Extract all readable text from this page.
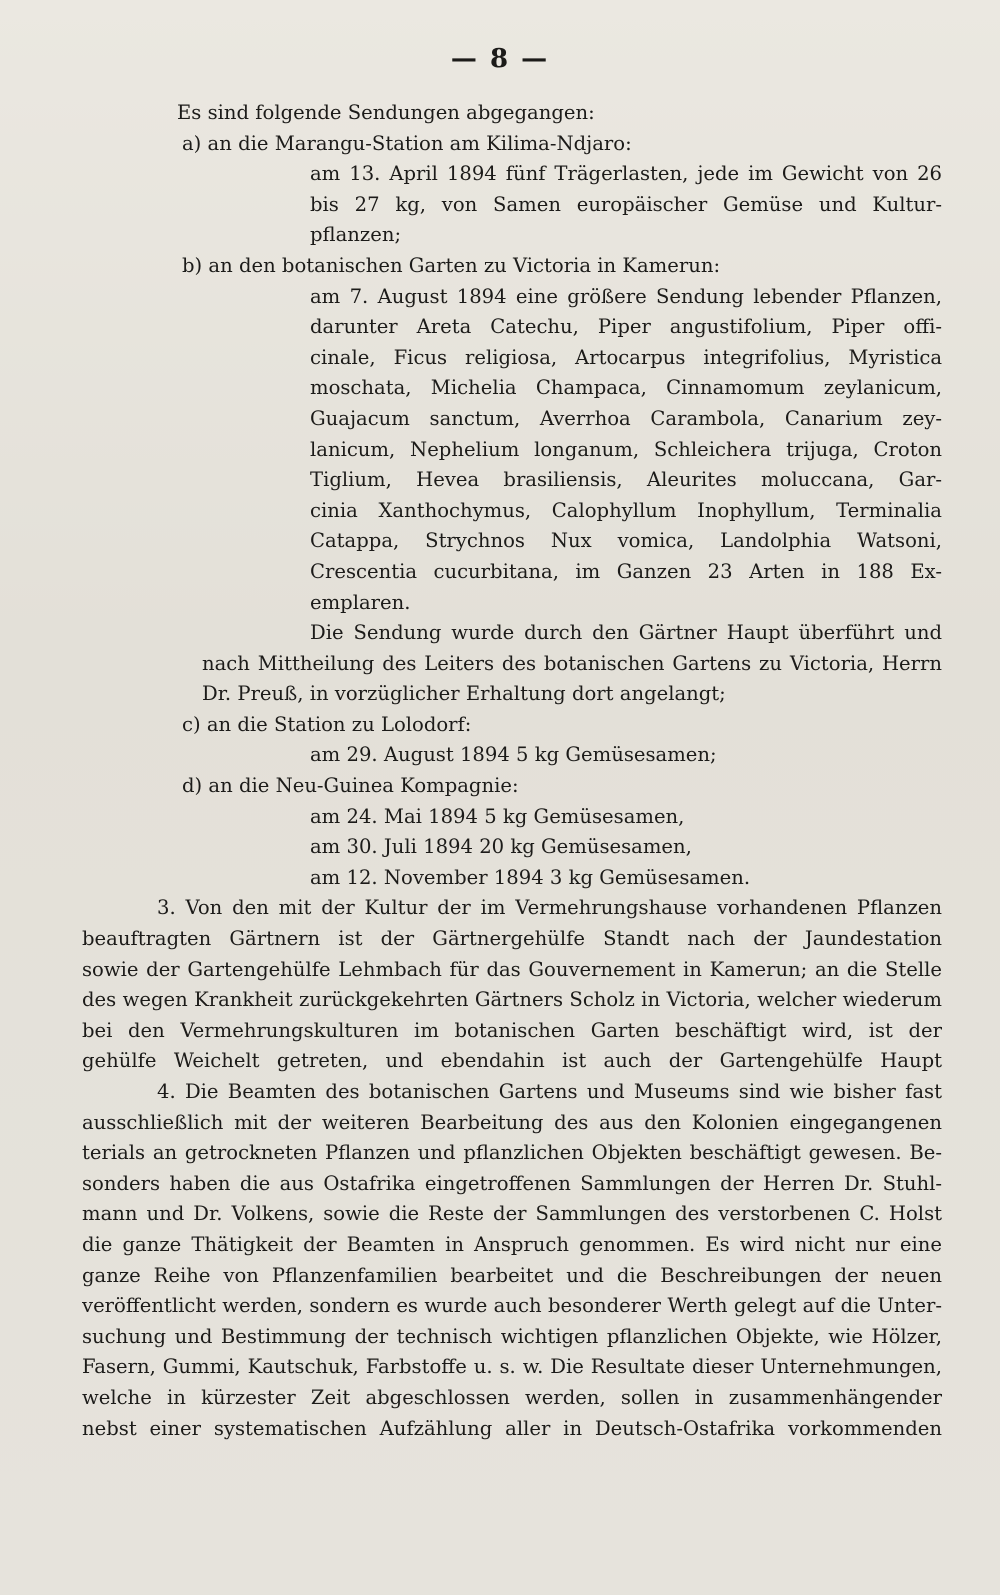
— 8 —
Es sind folgende Sendungen abgegangen:
a) an die Marangu-Station am Kilima-Ndjaro:
am 13. April 1894 fünf Trägerlasten, jede im Gewicht von 26
bis 27 kg, von Samen europäischer Gemüse und Kultur-
pflanzen;
b) an den botanischen Garten zu Victoria in Kamerun:
am 7. August 1894 eine größere Sendung lebender Pflanzen,
darunter Areta Catechu, Piper angustifolium, Piper offi-
cinale, Ficus religiosa, Artocarpus integrifolius, Myristica
moschata, Michelia Champaca, Cinnamomum zeylanicum,
Guajacum sanctum, Averrhoa Carambola, Canarium zey-
lanicum, Nephelium longanum, Schleichera trijuga, Croton
Tiglium, Hevea brasiliensis, Aleurites moluccana, Gar-
cinia Xanthochymus, Calophyllum Inophyllum, Terminalia
Catappa, Strychnos Nux vomica, Landolphia Watsoni,
Crescentia cucurbitana, im Ganzen 23 Arten in 188 Ex-
emplaren.
Die Sendung wurde durch den Gärtner Haupt überführt und
nach Mittheilung des Leiters des botanischen Gartens zu Victoria, Herrn
Dr. Preuß, in vorzüglicher Erhaltung dort angelangt;
c) an die Station zu Lolodorf:
am 29. August 1894 5 kg Gemüsesamen;
d) an die Neu-Guinea Kompagnie:
am 24. Mai 1894 5 kg Gemüsesamen,
am 30. Juli 1894 20 kg Gemüsesamen,
am 12. November 1894 3 kg Gemüsesamen.
3. Von den mit der Kultur der im Vermehrungshause vorhandenen Pflanzen
beauftragten Gärtnern ist der Gärtnergehülfe Standt nach der Jaundestation
sowie der Gartengehülfe Lehmbach für das Gouvernement in Kamerun; an die Stelle
des wegen Krankheit zurückgekehrten Gärtners Scholz in Victoria, welcher wiederum
bei den Vermehrungskulturen im botanischen Garten beschäftigt wird, ist der
gehülfe Weichelt getreten, und ebendahin ist auch der Gartengehülfe Haupt
4. Die Beamten des botanischen Gartens und Museums sind wie bisher fast
ausschließlich mit der weiteren Bearbeitung des aus den Kolonien eingegangenen
terials an getrockneten Pflanzen und pflanzlichen Objekten beschäftigt gewesen. Be-
sonders haben die aus Ostafrika eingetroffenen Sammlungen der Herren Dr. Stuhl-
mann und Dr. Volkens, sowie die Reste der Sammlungen des verstorbenen C. Holst
die ganze Thätigkeit der Beamten in Anspruch genommen. Es wird nicht nur eine
ganze Reihe von Pflanzenfamilien bearbeitet und die Beschreibungen der neuen
veröffentlicht werden, sondern es wurde auch besonderer Werth gelegt auf die Unter-
suchung und Bestimmung der technisch wichtigen pflanzlichen Objekte, wie Hölzer,
Fasern, Gummi, Kautschuk, Farbstoffe u. s. w. Die Resultate dieser Unternehmungen,
welche in kürzester Zeit abgeschlossen werden, sollen in zusammenhängender
nebst einer systematischen Aufzählung aller in Deutsch-Ostafrika vorkommenden
